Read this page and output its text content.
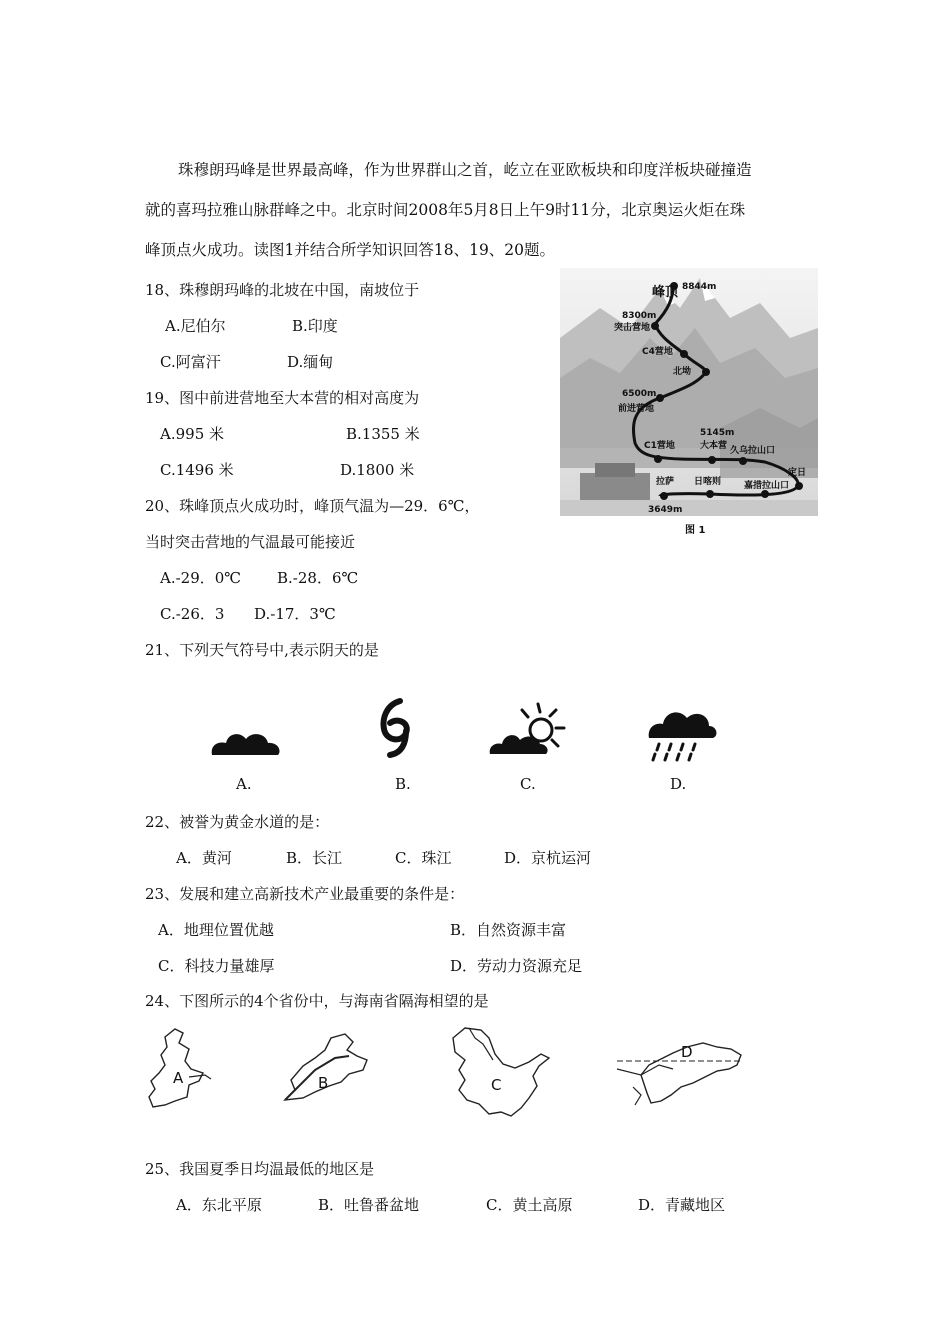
珠穆朗玛峰是世界最高峰，作为世界群山之首，屹立在亚欧板块和印度洋板块碰撞造

就的喜玛拉雅山脉群峰之中。北京时间2008年5月8日上午9时11分，北京奥运火炬在珠

峰顶点火成功。读图1并结合所学知识回答18、19、20题。

峰顶 8844m
8300m
突击营地
C4营地
北坳
6500m
前进营地
C1营地
5145m
大本营 久乌拉山口
定日
嘉措拉山口
日喀则
拉萨
3649m
图 1
18、珠穆朗玛峰的北坡在中国，南坡位于
A.尼伯尔	B.印度
C.阿富汗	D.缅甸
19、图中前进营地至大本营的相对高度为
A.995 米	B.1355 米
C.1496 米	D.1800 米
20、珠峰顶点火成功时，峰顶气温为—29．6℃，
当时突击营地的气温最可能接近
A.-29．0℃ B.-28．6℃
C.-26．3 D.-17．3℃
21、下列天气符号中,表示阴天的是
A.	B.	C.	D.
22、被誉为黄金水道的是：
A．黄河	B．长江	C．珠江	D．京杭运河
23、发展和建立高新技术产业最重要的条件是：
A．地理位置优越	B．自然资源丰富
C．科技力量雄厚	D．劳动力资源充足
24、下图所示的4个省份中，与海南省隔海相望的是
A	B	C
D
25、我国夏季日均温最低的地区是
A．东北平原	B．吐鲁番盆地	C．黄土高原	D．青藏地区
